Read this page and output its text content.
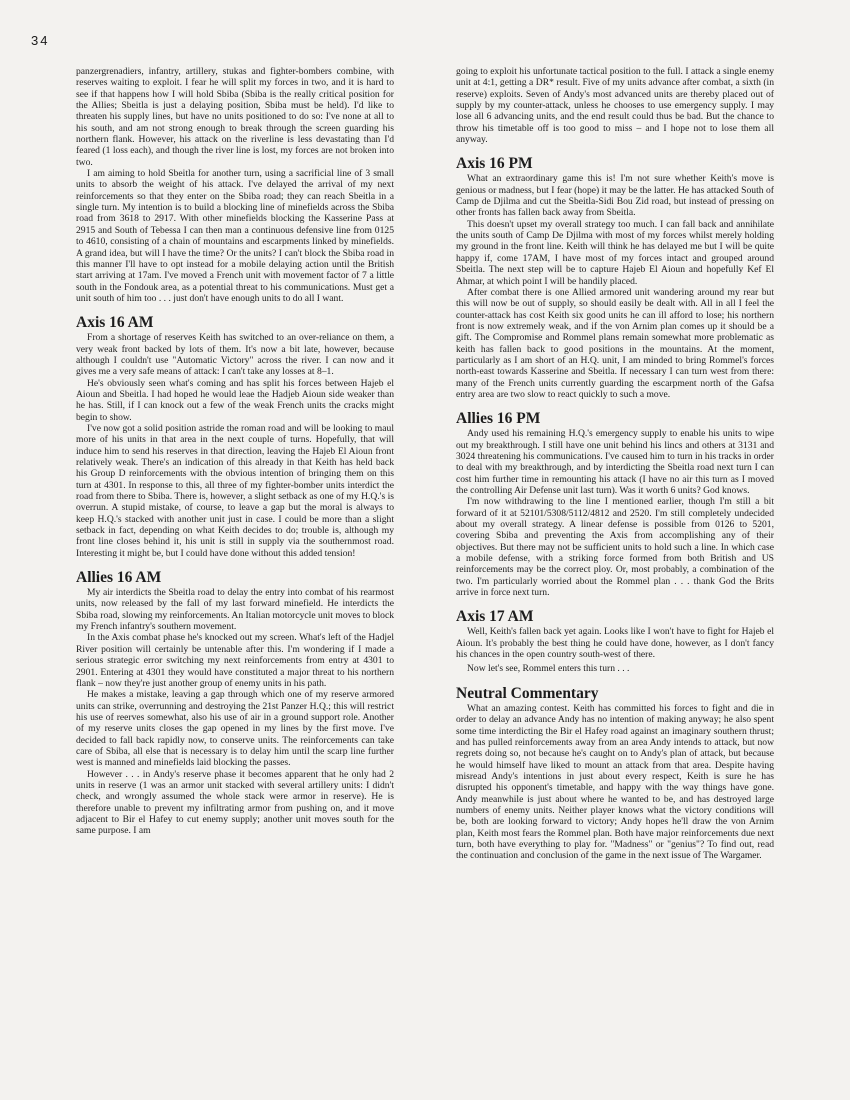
34

panzergrenadiers, infantry, artillery, stukas and fighter-bombers combine, with reserves waiting to exploit. I fear he will split my forces in two, and it is hard to see if that happens how I will hold Sbiba (Sbiba is the really critical position for the Allies; Sbeitla is just a delaying position, Sbiba must be held). I'd like to threaten his supply lines, but have no units positioned to do so: I've none at all to his south, and am not strong enough to break through the screen guarding his northern flank. However, his attack on the riverline is less devastating than I'd feared (1 loss each), and though the river line is lost, my forces are not broken into two.

I am aiming to hold Sbeitla for another turn, using a sacrificial line of 3 small units to absorb the weight of his attack. I've delayed the arrival of my next reinforcements so that they enter on the Sbiba road; they can reach Sbeitla in a single turn. My intention is to build a blocking line of minefields across the Sbiba road from 3618 to 2917. With other minefields blocking the Kasserine Pass at 2915 and South of Tebessa I can then man a continuous defensive line from 0125 to 4610, consisting of a chain of mountains and escarpments linked by minefields. A grand idea, but will I have the time? Or the units? I can't block the Sbiba road in this manner I'll have to opt instead for a mobile delaying action until the British start arriving at 17am. I've moved a French unit with movement factor of 7 a little south in the Fondouk area, as a potential threat to his communications. Must get a unit south of him too . . . just don't have enough units to do all I want.

Axis 16 AM

From a shortage of reserves Keith has switched to an over-reliance on them, a very weak front backed by lots of them. It's now a bit late, however, because although I couldn't use "Automatic Victory" across the river. I can now and it gives me a very safe means of attack: I can't take any losses at 8–1.

He's obviously seen what's coming and has split his forces between Hajeb el Aioun and Sbeitla. I had hoped he would leae the Hadjeb Aioun side weaker than he has. Still, if I can knock out a few of the weak French units the cracks might begin to show.

I've now got a solid position astride the roman road and will be looking to maul more of his units in that area in the next couple of turns. Hopefully, that will induce him to send his reserves in that direction, leaving the Hajeb El Aioun front relatively weak. There's an indication of this already in that Keith has held back his Group D reinforcements with the obvious intention of bringing them on this turn at 4301. In response to this, all three of my fighter-bomber units interdict the road from there to Sbiba. There is, however, a slight setback as one of my H.Q.'s is overrun. A stupid mistake, of course, to leave a gap but the moral is always to keep H.Q.'s stacked with another unit just in case. I could be more than a slight setback in fact, depending on what Keith decides to do; trouble is, although my front line closes behind it, his unit is still in supply via the southernmost road. Interesting it might be, but I could have done without this added tension!

Allies 16 AM

My air interdicts the Sbeitla road to delay the entry into combat of his rearmost units, now released by the fall of my last forward minefield. He interdicts the Sbiba road, slowing my reinforcements. An Italian motorcycle unit moves to block my French infantry's southern movement.

In the Axis combat phase he's knocked out my screen. What's left of the Hadjel River position will certainly be untenable after this. I'm wondering if I made a serious strategic error switching my next reinforcements from entry at 4301 to 2901. Entering at 4301 they would have constituted a major threat to his northern flank – now they're just another group of enemy units in his path.

He makes a mistake, leaving a gap through which one of my reserve armored units can strike, overrunning and destroying the 21st Panzer H.Q.; this will restrict his use of reerves somewhat, also his use of air in a ground support role. Another of my reserve units closes the gap opened in my lines by the first move. I've decided to fall back rapidly now, to conserve units. The reinforcements can take care of Sbiba, all else that is necessary is to delay him until the scarp line further west is manned and minefields laid blocking the passes.

However . . . in Andy's reserve phase it becomes apparent that he only had 2 units in reserve (1 was an armor unit stacked with several artillery units: I didn't check, and wrongly assumed the whole stack were armor in reserve). He is therefore unable to prevent my infiltrating armor from pushing on, and it move adjacent to Bir el Hafey to cut enemy supply; another unit moves south for the same purpose. I am

going to exploit his unfortunate tactical position to the full. I attack a single enemy unit at 4:1, getting a DR* result. Five of my units advance after combat, a sixth (in reserve) exploits. Seven of Andy's most advanced units are thereby placed out of supply by my counter-attack, unless he chooses to use emergency supply. I may lose all 6 advancing units, and the end result could thus be bad. But the chance to throw his timetable off is too good to miss – and I hope not to lose them all anyway.

Axis 16 PM

What an extraordinary game this is! I'm not sure whether Keith's move is genious or madness, but I fear (hope) it may be the latter. He has attacked South of Camp de Djilma and cut the Sbeitla-Sidi Bou Zid road, but instead of pressing on other fronts has fallen back away from Sbeitla.

This doesn't upset my overall strategy too much. I can fall back and annihilate the units south of Camp De Djilma with most of my forces whilst merely holding my ground in the front line. Keith will think he has delayed me but I will be quite happy if, come 17AM, I have most of my forces intact and grouped around Sbeitla. The next step will be to capture Hajeb El Aioun and hopefully Kef El Ahmar, at which point I will be handily placed.

After combat there is one Allied armored unit wandering around my rear but this will now be out of supply, so should easily be dealt with. All in all I feel the counter-attack has cost Keith six good units he can ill afford to lose; his northern front is now extremely weak, and if the von Arnim plan comes up it should be a gift. The Compromise and Rommel plans remain somewhat more problematic as keith has fallen back to good positions in the mountains. At the moment, particularly as I am short of an H.Q. unit, I am minded to bring Rommel's forces north-east towards Kasserine and Sbeitla. If necessary I can turn west from there: many of the French units currently guarding the escarpment north of the Gafsa entry area are two slow to react quickly to such a move.

Allies 16 PM

Andy used his remaining H.Q.'s emergency supply to enable his units to wipe out my breakthrough. I still have one unit behind his lincs and others at 3131 and 3024 threatening his communications. I've caused him to turn in his tracks in order to deal with my breakthrough, and by interdicting the Sbeitla road next turn I can cost him further time in remounting his attack (I have no air this turn as I moved the controlling Air Defense unit last turn). Was it worth 6 units? God knows.

I'm now withdrawing to the line I mentioned earlier, though I'm still a bit forward of it at 52101/5308/5112/4812 and 2520. I'm still completely undecided about my overall strategy. A linear defense is possible from 0126 to 5201, covering Sbiba and preventing the Axis from accomplishing any of their objectives. But there may not be sufficient units to hold such a line. In which case a mobile defense, with a striking force formed from both British and US reinforcements may be the correct ploy. Or, most probably, a combination of the two. I'm particularly worried about the Rommel plan . . . thank God the Brits arrive in force next turn.

Axis 17 AM

Well, Keith's fallen back yet again. Looks like I won't have to fight for Hajeb el Aioun. It's probably the best thing he could have done, however, as I don't fancy his chances in the open country south-west of there.

Now let's see, Rommel enters this turn . . .

Neutral Commentary

What an amazing contest. Keith has committed his forces to fight and die in order to delay an advance Andy has no intention of making anyway; he also spent some time interdicting the Bir el Hafey road against an imaginary southern thrust; and has pulled reinforcements away from an area Andy intends to attack, but now regrets doing so, not because he's caught on to Andy's plan of attack, but because he would himself have liked to mount an attack from that area. Despite having misread Andy's intentions in just about every respect, Keith is sure he has disrupted his opponent's timetable, and happy with the way things have gone. Andy meanwhile is just about where he wanted to be, and has destroyed large numbers of enemy units. Neither player knows what the victory conditions will be, both are looking forward to victory; Andy hopes he'll draw the von Arnim plan, Keith most fears the Rommel plan. Both have major reinforcements due next turn, both have everything to play for. "Madness" or "genius"? To find out, read the continuation and conclusion of the game in the next issue of The Wargamer.
